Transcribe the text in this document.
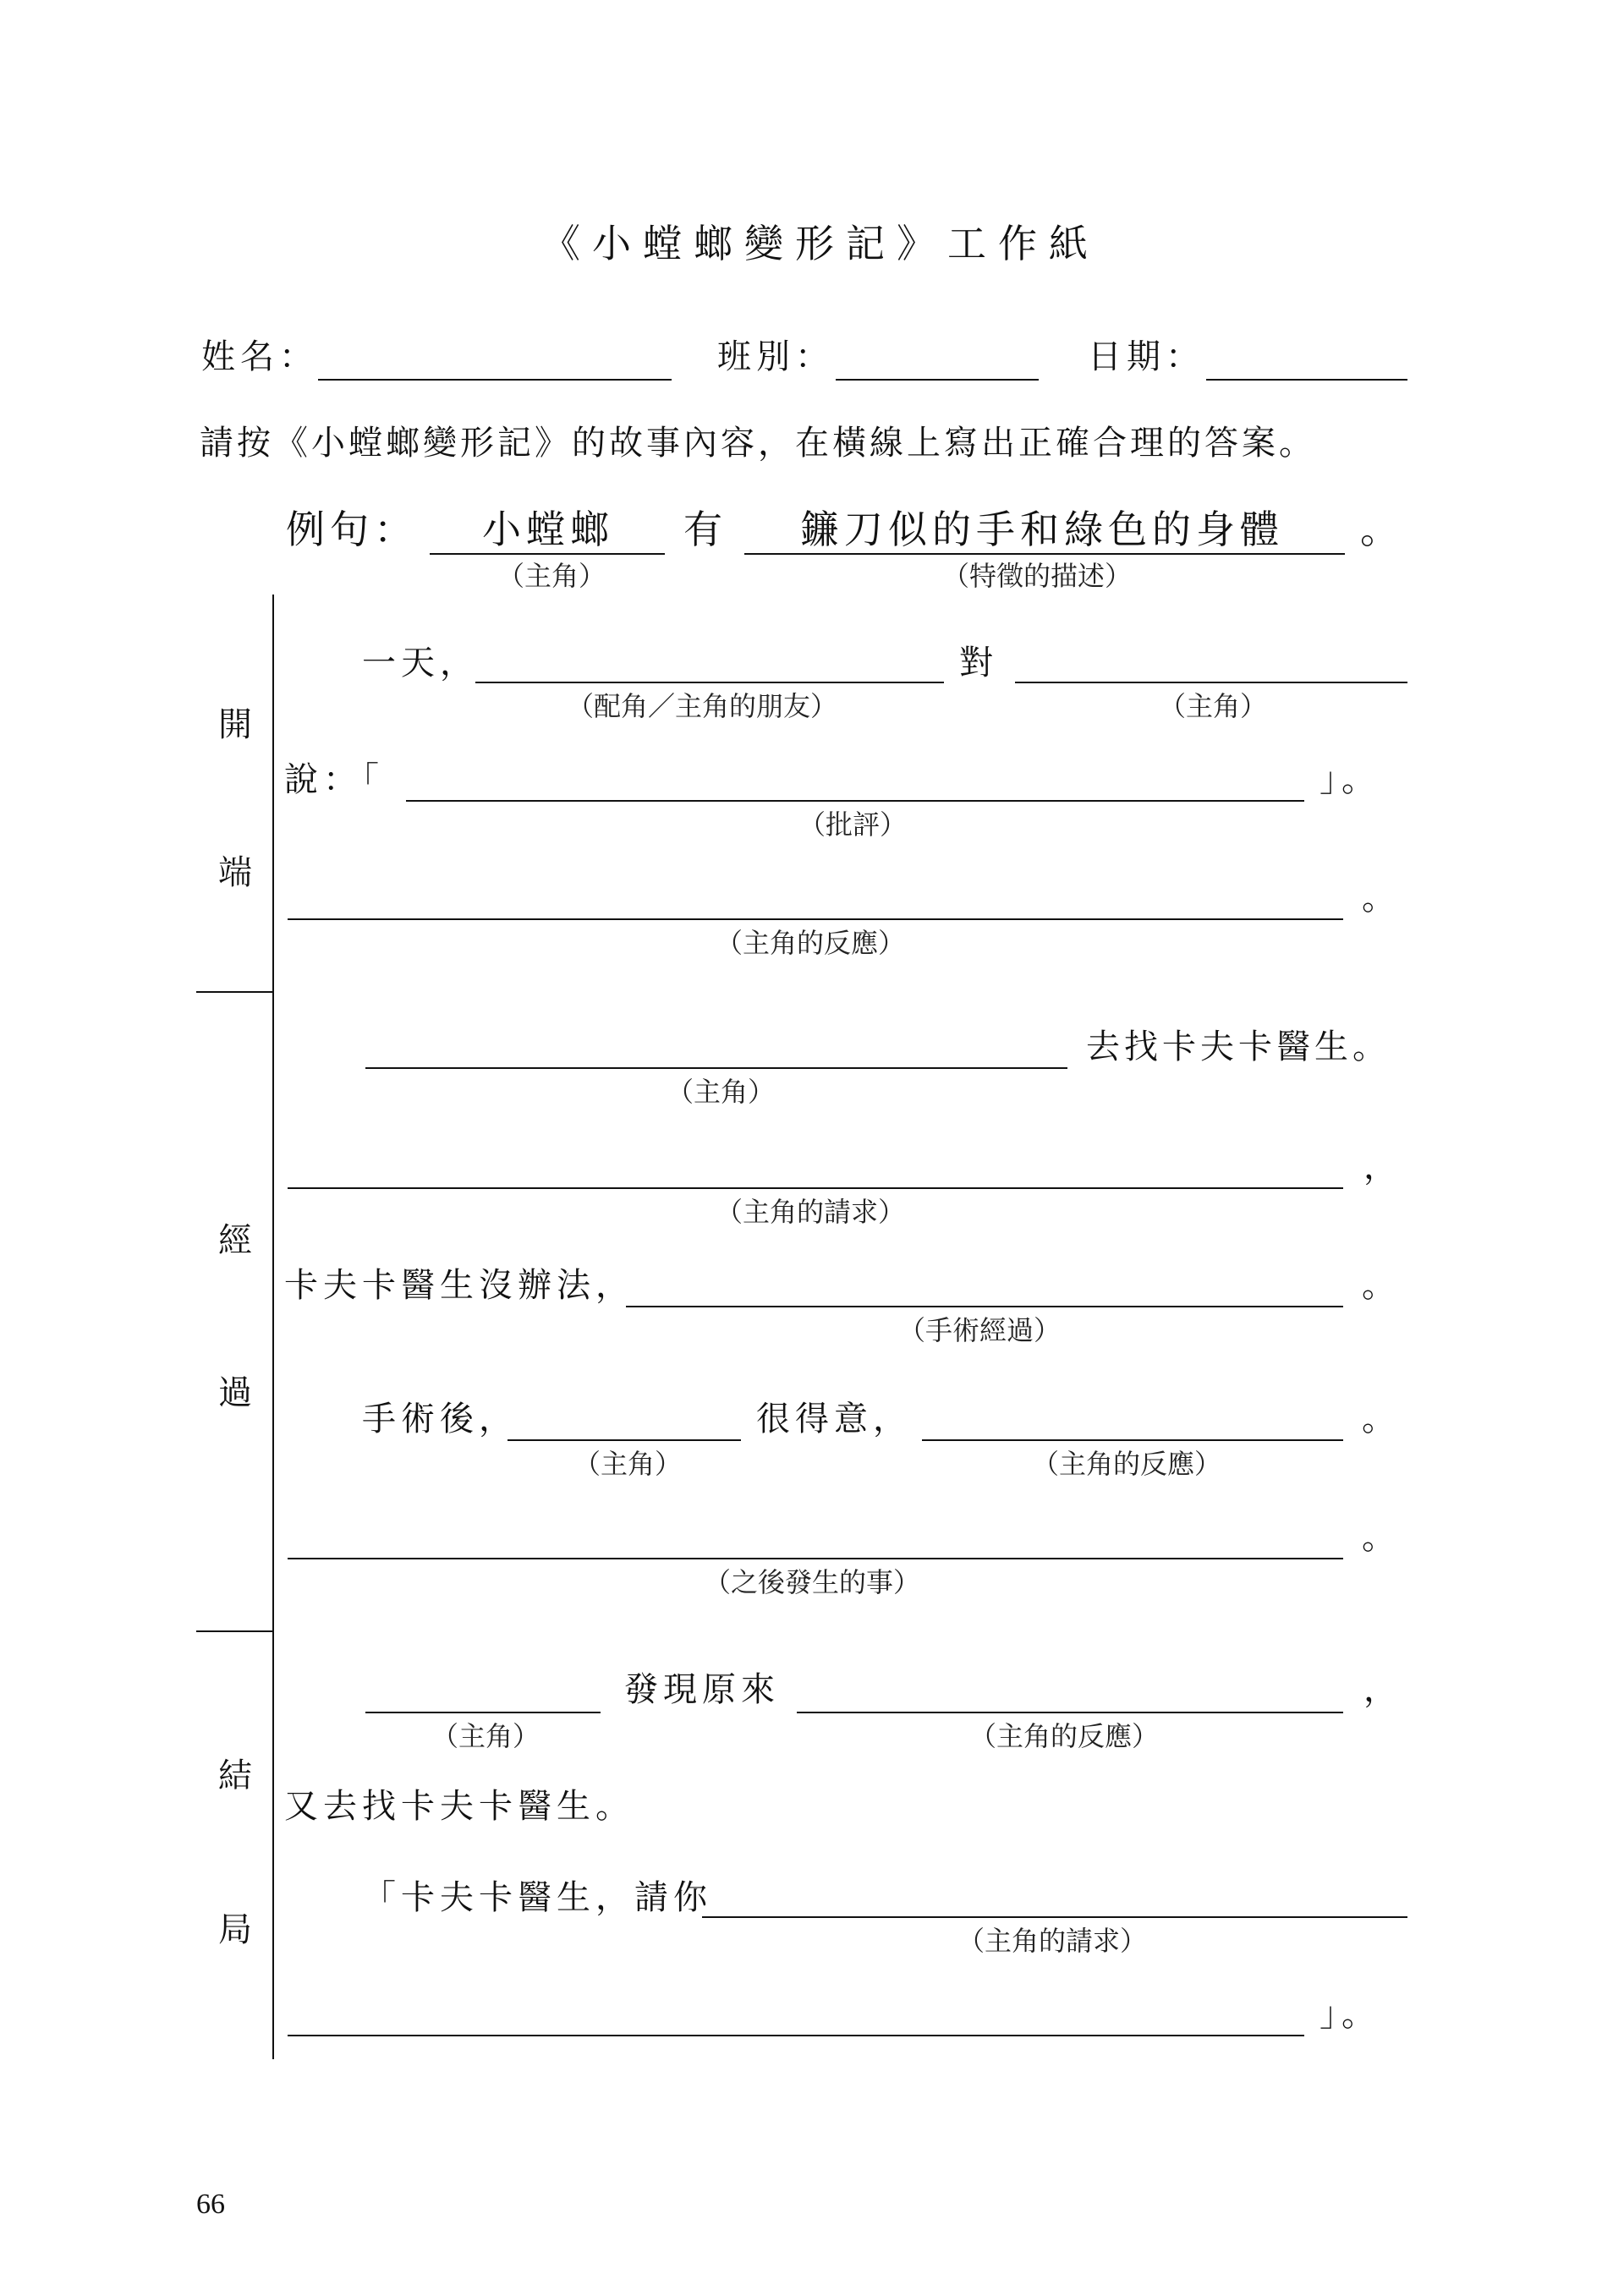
《小螳螂變形記》工作紙
姓名：	班別：	日期：
請按《小螳螂變形記》的故事內容，在橫線上寫出正確合理的答案。
例句： 小螳螂
（主角）
有 鐮刀似的手和綠色的身體
（特徵的描述）
。
開
端
經
過
結
局
一天，
（配角／主角的朋友）
對
（主角）
說：「
（批評）
」。
（主角的反應）
。
（主角）
去找卡夫卡醫生。
（主角的請求）
，
卡夫卡醫生沒辦法，
（手術經過）
。
手術後，
（主角）
很得意，
（主角的反應）
。
（之後發生的事）
。
（主角）
發現原來
（主角的反應）
，
又去找卡夫卡醫生。
「卡夫卡醫生，請你
（主角的請求）
」。
66
